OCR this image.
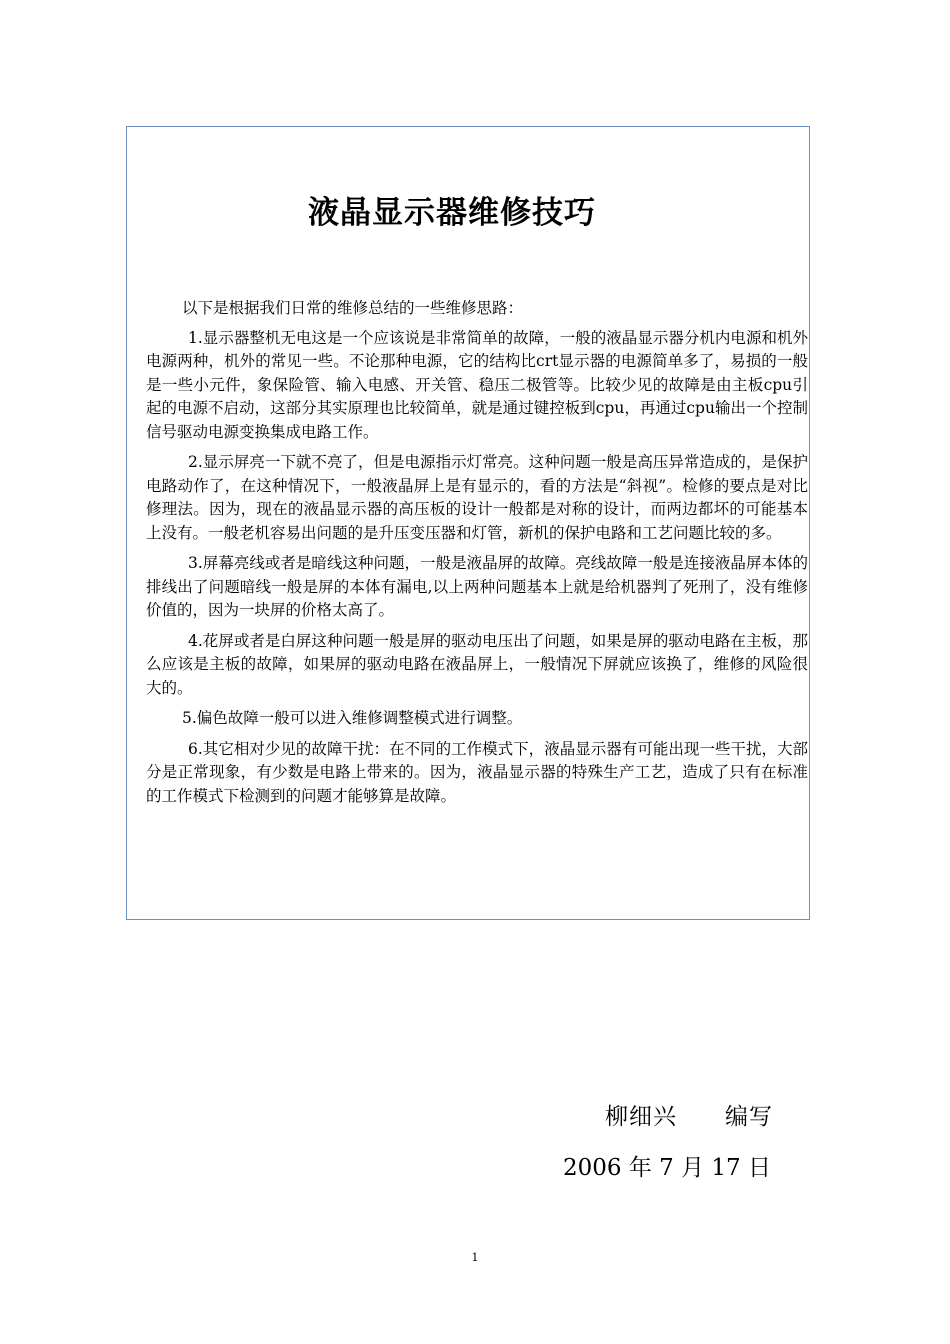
液晶显示器维修技巧

以下是根据我们日常的维修总结的一些维修思路：

1.显示器整机无电这是一个应该说是非常简单的故障，一般的液晶显示器分机内电源和机外电源两种，机外的常见一些。不论那种电源，它的结构比crt显示器的电源简单多了，易损的一般是一些小元件，象保险管、输入电感、开关管、稳压二极管等。比较少见的故障是由主板cpu引起的电源不启动，这部分其实原理也比较简单，就是通过键控板到cpu，再通过cpu输出一个控制信号驱动电源变换集成电路工作。

2.显示屏亮一下就不亮了，但是电源指示灯常亮。这种问题一般是高压异常造成的，是保护电路动作了，在这种情况下，一般液晶屏上是有显示的，看的方法是“斜视”。检修的要点是对比修理法。因为，现在的液晶显示器的高压板的设计一般都是对称的设计，而两边都坏的可能基本上没有。一般老机容易出问题的是升压变压器和灯管，新机的保护电路和工艺问题比较的多。

3.屏幕亮线或者是暗线这种问题，一般是液晶屏的故障。亮线故障一般是连接液晶屏本体的排线出了问题暗线一般是屏的本体有漏电,以上两种问题基本上就是给机器判了死刑了，没有维修价值的，因为一块屏的价格太高了。

4.花屏或者是白屏这种问题一般是屏的驱动电压出了问题，如果是屏的驱动电路在主板，那么应该是主板的故障，如果屏的驱动电路在液晶屏上，一般情况下屏就应该换了，维修的风险很大的。

5.偏色故障一般可以进入维修调整模式进行调整。

6.其它相对少见的故障干扰：在不同的工作模式下，液晶显示器有可能出现一些干扰，大部分是正常现象，有少数是电路上带来的。因为，液晶显示器的特殊生产工艺，造成了只有在标准的工作模式下检测到的问题才能够算是故障。

柳细兴　　编写
2006 年 7 月 17 日
1
